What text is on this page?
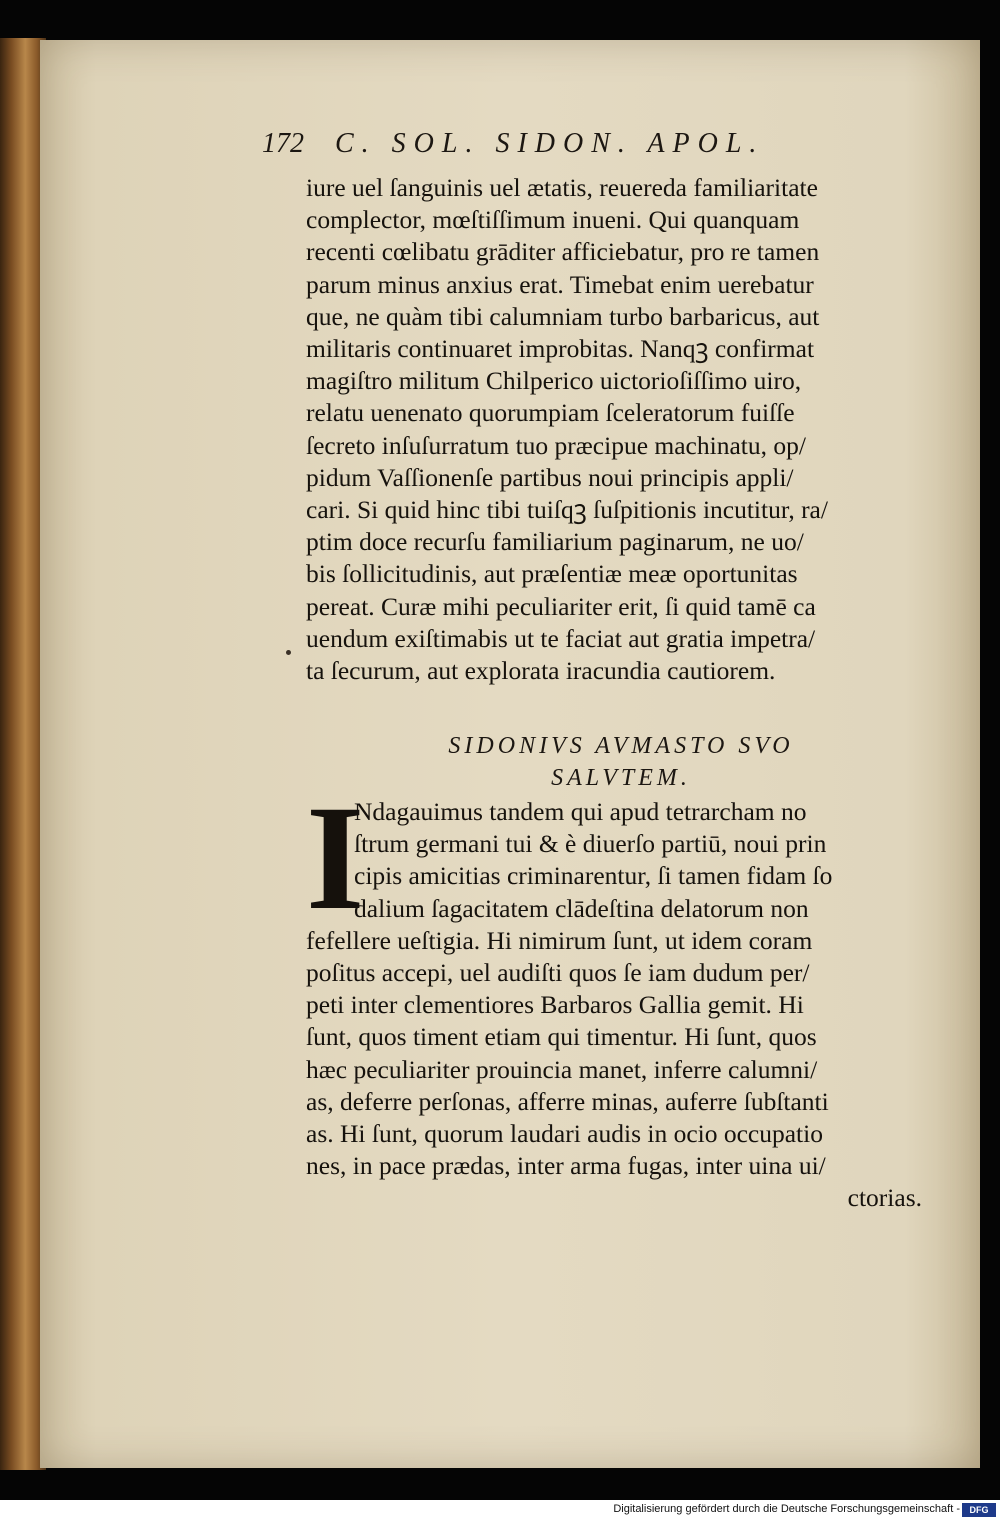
172 C. SOL. SIDON. APOL.
iure uel ſanguinis uel ætatis, reuereda familiaritate
complector, mœſtiſſimum inueni. Qui quanquam
recenti cœlibatu grāditer afficiebatur, pro re tamen
parum minus anxius erat. Timebat enim uerebatur
que, ne quàm tibi calumniam turbo barbaricus, aut
militaris continuaret improbitas. Nanqꝫ confirmat
magiſtro militum Chilperico uictorioſiſſimo uiro,
relatu uenenato quorumpiam ſceleratorum fuiſſe
ſecreto inſuſurratum tuo præcipue machinatu, op/
pidum Vaſſionenſe partibus noui principis appli/
cari. Si quid hinc tibi tuiſqꝫ ſuſpitionis incutitur, ra/
ptim doce recurſu familiarium paginarum, ne uo/
bis ſollicitudinis, aut præſentiæ meæ oportunitas
pereat. Curæ mihi peculiariter erit, ſi quid tamē ca
uendum exiſtimabis ut te faciat aut gratia impetra/
ta ſecurum, aut explorata iracundia cautiorem.
SIDONIVS AVMASTO SVO
SALVTEM.
I
Ndagauimus tandem qui apud tetrarcham no
ſtrum germani tui & è diuerſo partiū, noui prin
cipis amicitias criminarentur, ſi tamen fidam ſo
dalium ſagacitatem clādeſtina delatorum non
fefellere ueſtigia. Hi nimirum ſunt, ut idem coram
poſitus accepi, uel audiſti quos ſe iam dudum per/
peti inter clementiores Barbaros Gallia gemit. Hi
ſunt, quos timent etiam qui timentur. Hi ſunt, quos
hæc peculiariter prouincia manet, inferre calumni/
as, deferre perſonas, afferre minas, auferre ſubſtanti
as. Hi ſunt, quorum laudari audis in ocio occupatio
nes, in pace prædas, inter arma fugas, inter uina ui/
ctorias.
Digitalisierung gefördert durch die Deutsche Forschungsgemeinschaft -	DFG
